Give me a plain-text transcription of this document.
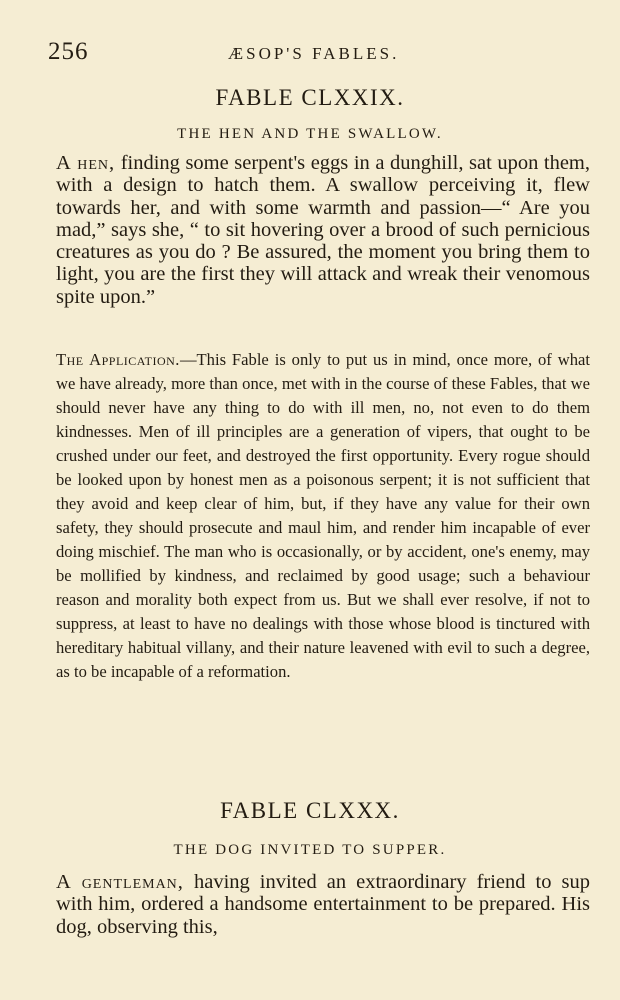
256	ÆSOP'S FABLES.
FABLE CLXXIX.
THE HEN AND THE SWALLOW.
A hen, finding some serpent's eggs in a dunghill, sat upon them, with a design to hatch them. A swallow perceiving it, flew towards her, and with some warmth and passion—“ Are you mad,” says she, “ to sit hovering over a brood of such pernicious creatures as you do ? Be assured, the moment you bring them to light, you are the first they will attack and wreak their venomous spite upon.”
The Application.—This Fable is only to put us in mind, once more, of what we have already, more than once, met with in the course of these Fables, that we should never have any thing to do with ill men, no, not even to do them kindnesses. Men of ill principles are a generation of vipers, that ought to be crushed under our feet, and destroyed the first opportunity. Every rogue should be looked upon by honest men as a poisonous serpent; it is not sufficient that they avoid and keep clear of him, but, if they have any value for their own safety, they should prosecute and maul him, and render him incapable of ever doing mischief. The man who is occasionally, or by accident, one's enemy, may be mollified by kindness, and reclaimed by good usage; such a behaviour reason and morality both expect from us. But we shall ever resolve, if not to suppress, at least to have no dealings with those whose blood is tinctured with hereditary habitual villany, and their nature leavened with evil to such a degree, as to be incapable of a reformation.
FABLE CLXXX.
THE DOG INVITED TO SUPPER.
A gentleman, having invited an extraordinary friend to sup with him, ordered a handsome entertainment to be prepared. His dog, observing this,
